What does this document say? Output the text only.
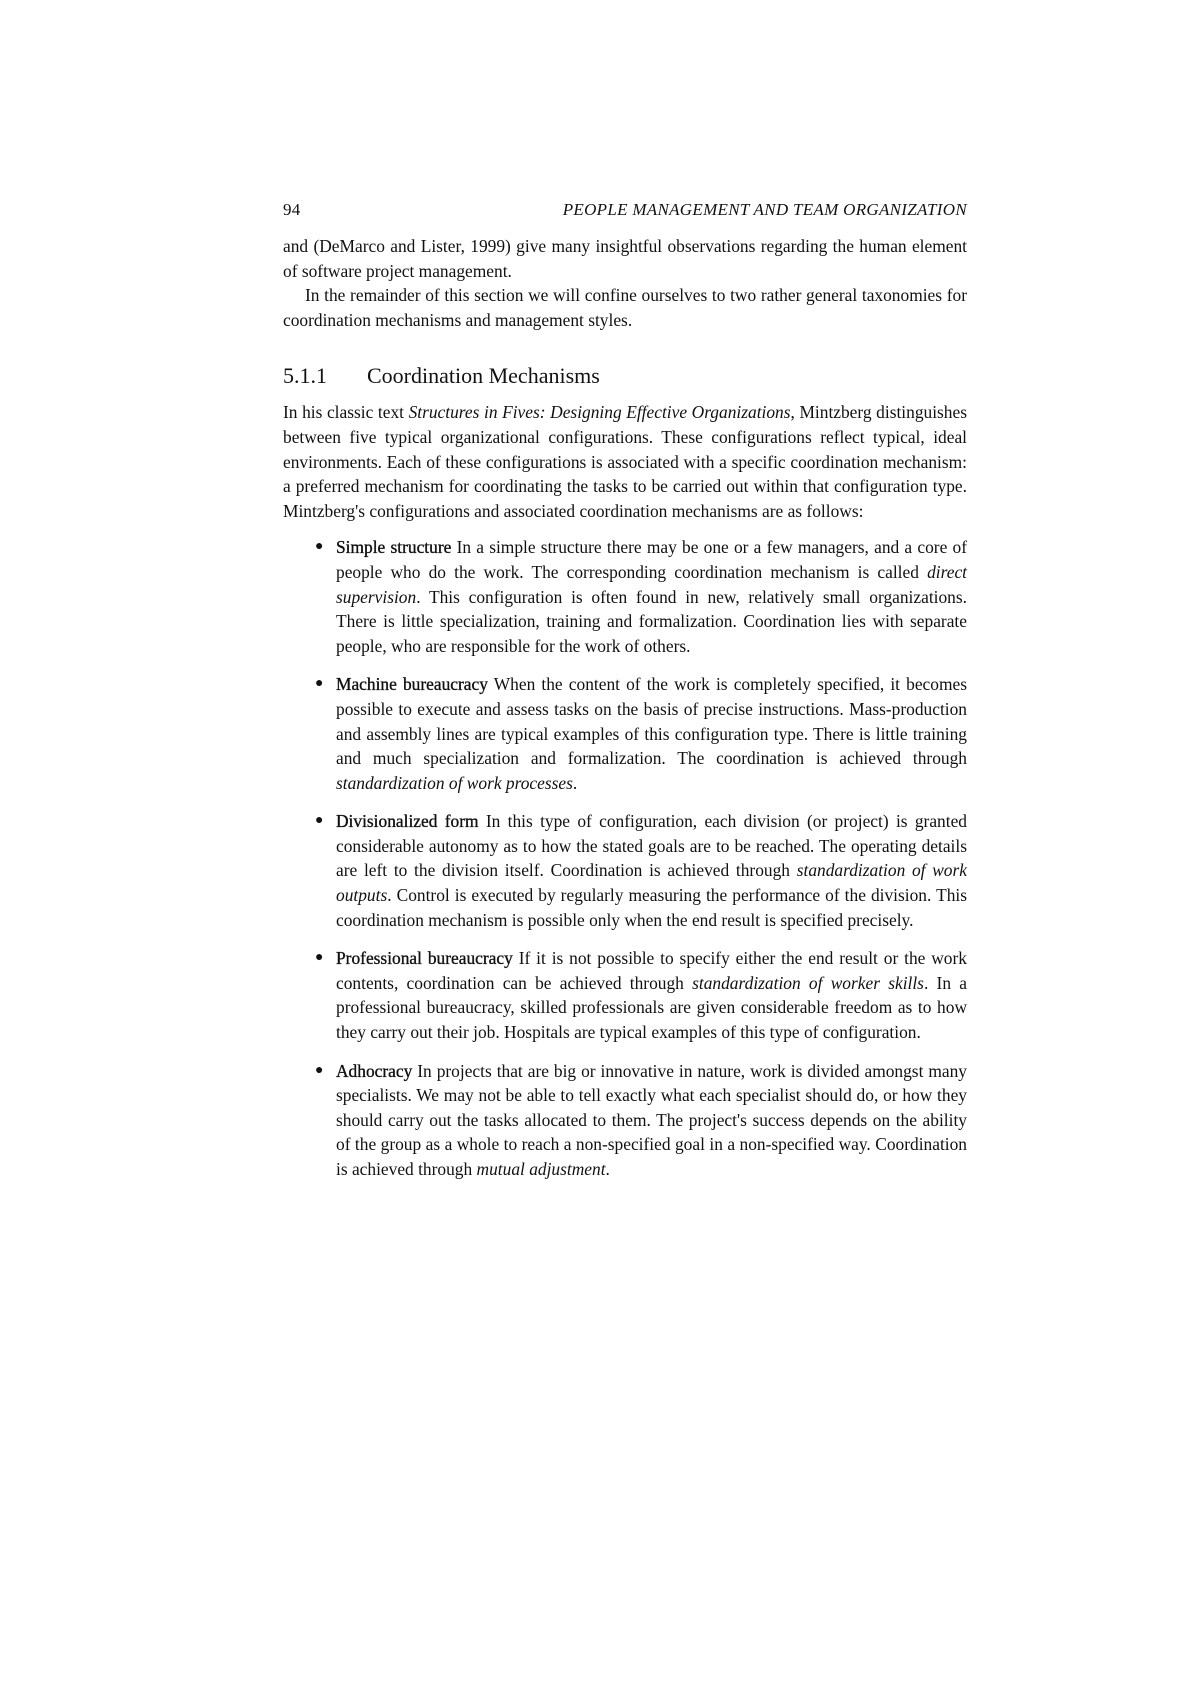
94	PEOPLE MANAGEMENT AND TEAM ORGANIZATION

and (DeMarco and Lister, 1999) give many insightful observations regarding the human element of software project management.

In the remainder of this section we will confine ourselves to two rather general taxonomies for coordination mechanisms and management styles.

5.1.1	Coordination Mechanisms

In his classic text Structures in Fives: Designing Effective Organizations, Mintzberg distinguishes between five typical organizational configurations. These configurations reflect typical, ideal environments. Each of these configurations is associated with a specific coordination mechanism: a preferred mechanism for coordinating the tasks to be carried out within that configuration type. Mintzberg's configurations and associated coordination mechanisms are as follows:

● Simple structure In a simple structure there may be one or a few managers, and a core of people who do the work. The corresponding coordination mechanism is called direct supervision. This configuration is often found in new, relatively small organizations. There is little specialization, training and formalization. Coordination lies with separate people, who are responsible for the work of others.
● Machine bureaucracy When the content of the work is completely specified, it becomes possible to execute and assess tasks on the basis of precise instructions. Mass-production and assembly lines are typical examples of this configuration type. There is little training and much specialization and formalization. The coordination is achieved through standardization of work processes.
● Divisionalized form In this type of configuration, each division (or project) is granted considerable autonomy as to how the stated goals are to be reached. The operating details are left to the division itself. Coordination is achieved through standardization of work outputs. Control is executed by regularly measuring the performance of the division. This coordination mechanism is possible only when the end result is specified precisely.
● Professional bureaucracy If it is not possible to specify either the end result or the work contents, coordination can be achieved through standardization of worker skills. In a professional bureaucracy, skilled professionals are given considerable freedom as to how they carry out their job. Hospitals are typical examples of this type of configuration.
● Adhocracy In projects that are big or innovative in nature, work is divided amongst many specialists. We may not be able to tell exactly what each specialist should do, or how they should carry out the tasks allocated to them. The project's success depends on the ability of the group as a whole to reach a non-specified goal in a non-specified way. Coordination is achieved through mutual adjustment.
